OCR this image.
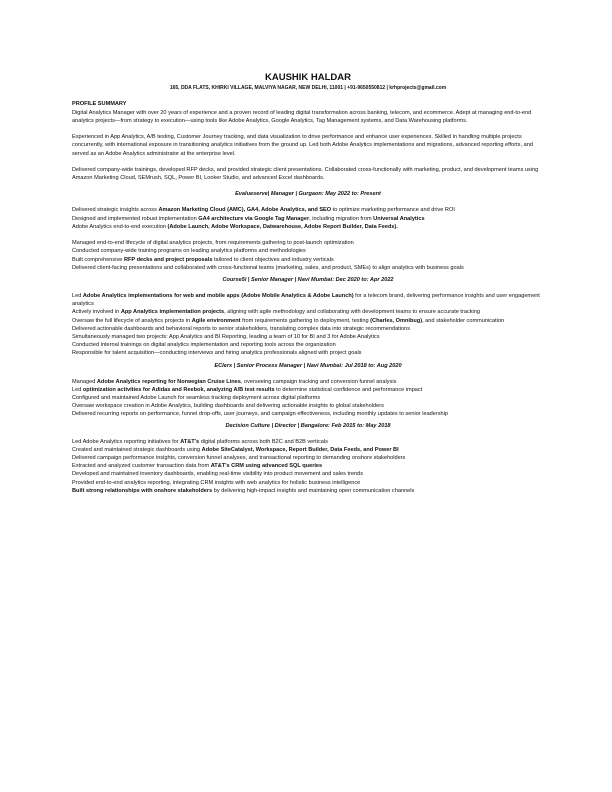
KAUSHIK HALDAR

165, DDA FLATS, KHIRKI VILLAGE, MALVIYA NAGAR, NEW DELHI, 11001 | +91-9650550812 | krhprojects@gmail.com

PROFILE SUMMARY

Digital Analytics Manager with over 20 years of experience and a proven record of leading digital transformation across banking, telecom, and ecommerce. Adept at managing end-to-end analytics projects—from strategy to execution—using tools like Adobe Analytics, Google Analytics, Tag Management systems, and Data Warehousing platforms.

Experienced in App Analytics, A/B testing, Customer Journey tracking, and data visualization to drive performance and enhance user experiences. Skilled in handling multiple projects concurrently, with international exposure in transitioning analytics initiatives from the ground up. Led both Adobe Analytics implementations and migrations, advanced reporting efforts, and served as an Adobe Analytics administrator at the enterprise level.

Delivered company-wide trainings, developed RFP decks, and provided strategic client presentations. Collaborated cross-functionally with marketing, product, and development teams using Amazon Marketing Cloud, SEMrush, SQL, Power BI, Looker Studio, and advanced Excel dashboards.

Evalueserve| Manager | Gurgaon: May 2022 to: Present

Delivered strategic insights across Amazon Marketing Cloud (AMC), GA4, Adobe Analytics, and SEO to optimize marketing performance and drive ROI
Designed and implemented robust implementation GA4 architecture via Google Tag Manager, including migration from Universal Analytics
Adobe Analytics end-to-end execution (Adobe Launch, Adobe Workspace, Datwarehouse, Adobe Report Builder, Data Feeds).
Managed end-to-end lifecycle of digital analytics projects, from requirements gathering to post-launch optimization
Conducted company-wide training programs on leading analytics platforms and methodologies
Built comprehensive RFP decks and project proposals tailored to client objectives and industry verticals
Delivered client-facing presentations and collaborated with cross-functional teams (marketing, sales, and product, SMEs) to align analytics with business goals

Course5i | Senior Manager | Navi Mumbai: Dec 2020 to: Apr 2022

Led Adobe Analytics implementations for web and mobile apps (Adobe Mobile Analytics & Adobe Launch) for a telecom brand, delivering performance insights and user engagement analytics
Actively involved in App Analytics implementation projects, aligning with agile methodology and collaborating with development teams to ensure accurate tracking
Oversaw the full lifecycle of analytics projects in Agile environment from requirements gathering to deployment, testing (Charles, Omnibug), and stakeholder communication
Delivered actionable dashboards and behavioral reports to senior stakeholders, translating complex data into strategic recommendations
Simultaneously managed two projects: App Analytics and BI Reporting, leading a team of 10 for BI and 3 for Adobe Analytics
Conducted internal trainings on digital analytics implementation and reporting tools across the organization
Responsible for talent acquisition—conducting interviews and hiring analytics professionals aligned with project goals

EClerx | Senior Process Manager | Navi Mumbai: Jul 2018 to: Aug 2020

Managed Adobe Analytics reporting for Norwegian Cruise Lines, overseeing campaign tracking and conversion funnel analysis
Led optimization activities for Adidas and Reebok, analyzing A/B test results to determine statistical confidence and performance impact
Configured and maintained Adobe Launch for seamless tracking deployment across digital platforms
Oversaw workspace creation in Adobe Analytics, building dashboards and delivering actionable insights to global stakeholders
Delivered recurring reports on performance, funnel drop-offs, user journeys, and campaign effectiveness, including monthly updates to senior leadership

Decision Culture | Director | Bangalore: Feb 2015 to: May 2018

Led Adobe Analytics reporting initiatives for AT&T's digital platforms across both B2C and B2B verticals
Created and maintained strategic dashboards using Adobe SiteCatalyst, Workspace, Report Builder, Data Feeds, and Power BI
Delivered campaign performance insights, conversion funnel analyses, and transactional reporting to demanding onshore stakeholders
Extracted and analyzed customer transaction data from AT&T's CRM using advanced SQL queries
Developed and maintained inventory dashboards, enabling real-time visibility into product movement and sales trends
Provided end-to-end analytics reporting, integrating CRM insights with web analytics for holistic business intelligence
Built strong relationships with onshore stakeholders by delivering high-impact insights and maintaining open communication channels
